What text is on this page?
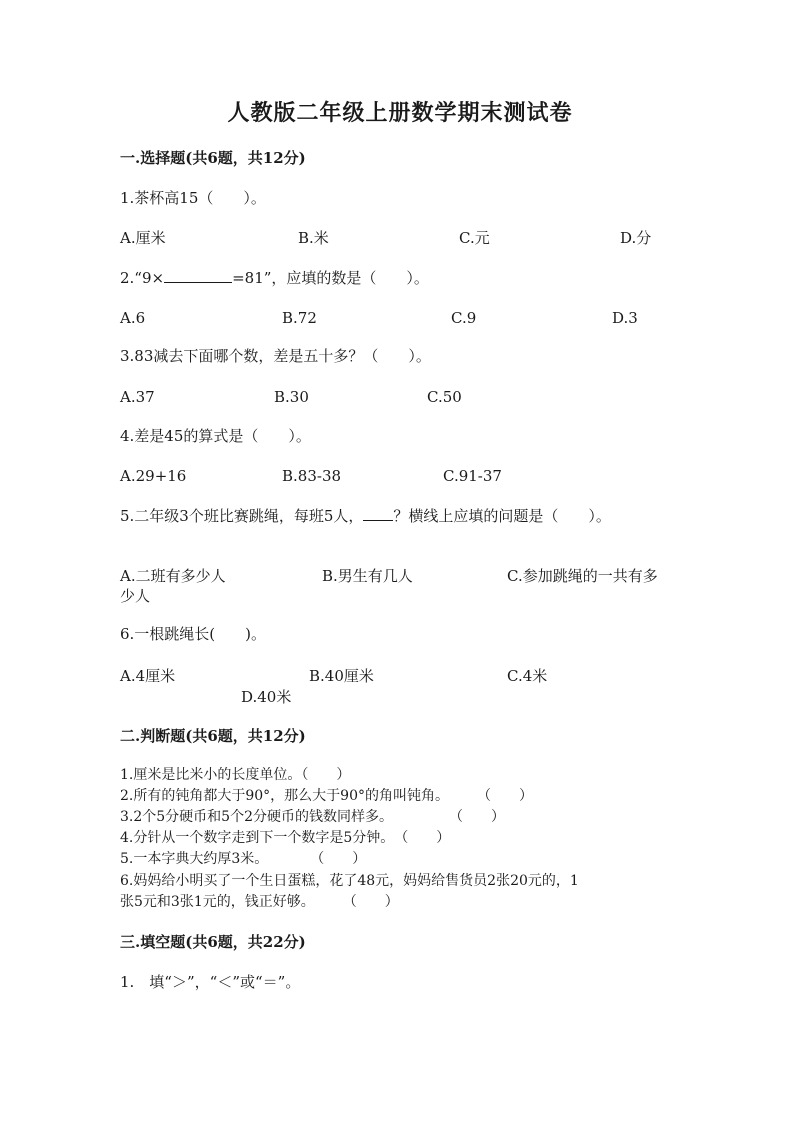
人教版二年级上册数学期末测试卷
一.选择题(共6题，共12分)
1.茶杯高15（　　）。
A.厘米	B.米	C.元	D.分
2.“9×	=81”，应填的数是（　　）。
A.6	B.72	C.9	D.3
3.83减去下面哪个数，差是五十多？（　　）。
A.37	B.30	C.50
4.差是45的算式是（　　）。
A.29+16	B.83-38	C.91-37
5.二年级3个班比赛跳绳，每班5人， ？横线上应填的问题是（　　）。
A.二班有多少人	B.男生有几人	C.参加跳绳的一共有多
少人
6.一根跳绳长(　　)。
A.4厘米	B.40厘米	C.4米
D.40米
二.判断题(共6题，共12分)
1.厘米是比米小的长度单位。（　　）
2.所有的钝角都大于90°，那么大于90°的角叫钝角。　　　（　　）
3.2个5分硬币和5个2分硬币的钱数同样多。　　　　　（　　）
4.分针从一个数字走到下一个数字是5分钟。　（　　）
5.一本字典大约厚3米。　　　　（　　）
6.妈妈给小明买了一个生日蛋糕，花了48元，妈妈给售货员2张20元的，1
张5元和3张1元的，钱正好够。　　　（　　）
三.填空题(共6题，共22分)
1.　填“＞”，“＜”或“＝”。
